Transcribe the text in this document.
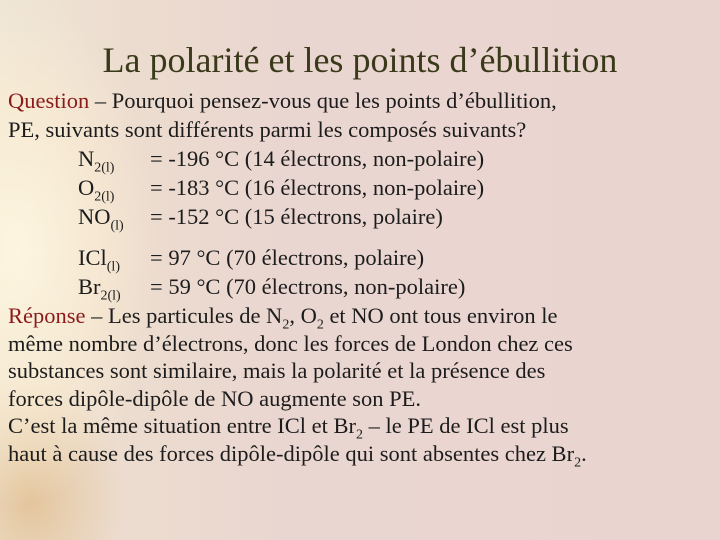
La polarité et les points d’ébullition
Question – Pourquoi pensez-vous que les points d’ébullition,
PE, suivants sont différents parmi les composés suivants?
$N_{2(l)} = -196$ °C (14 électrons, non-polaire)
$O_{2(l)} = -183$ °C (16 électrons, non-polaire)
$NO_{(l)} = -152$ °C (15 électrons, polaire)
ICl$_{(l)}$ = 97 °C (70 électrons, polaire)
$Br_{2(l)} = 59$ °C (70 électrons, non-polaire)
Réponse – Les particules de $N_2$, $O_2$ et NO ont tous environ le
même nombre d’électrons, donc les forces de London chez ces
substances sont similaire, mais la polarité et la présence des
forces dipôle-dipôle de NO augmente son PE.
C’est la même situation entre ICl et $Br_2$ – le PE de ICl est plus
haut à cause des forces dipôle-dipôle qui sont absentes chez $Br_2$.
